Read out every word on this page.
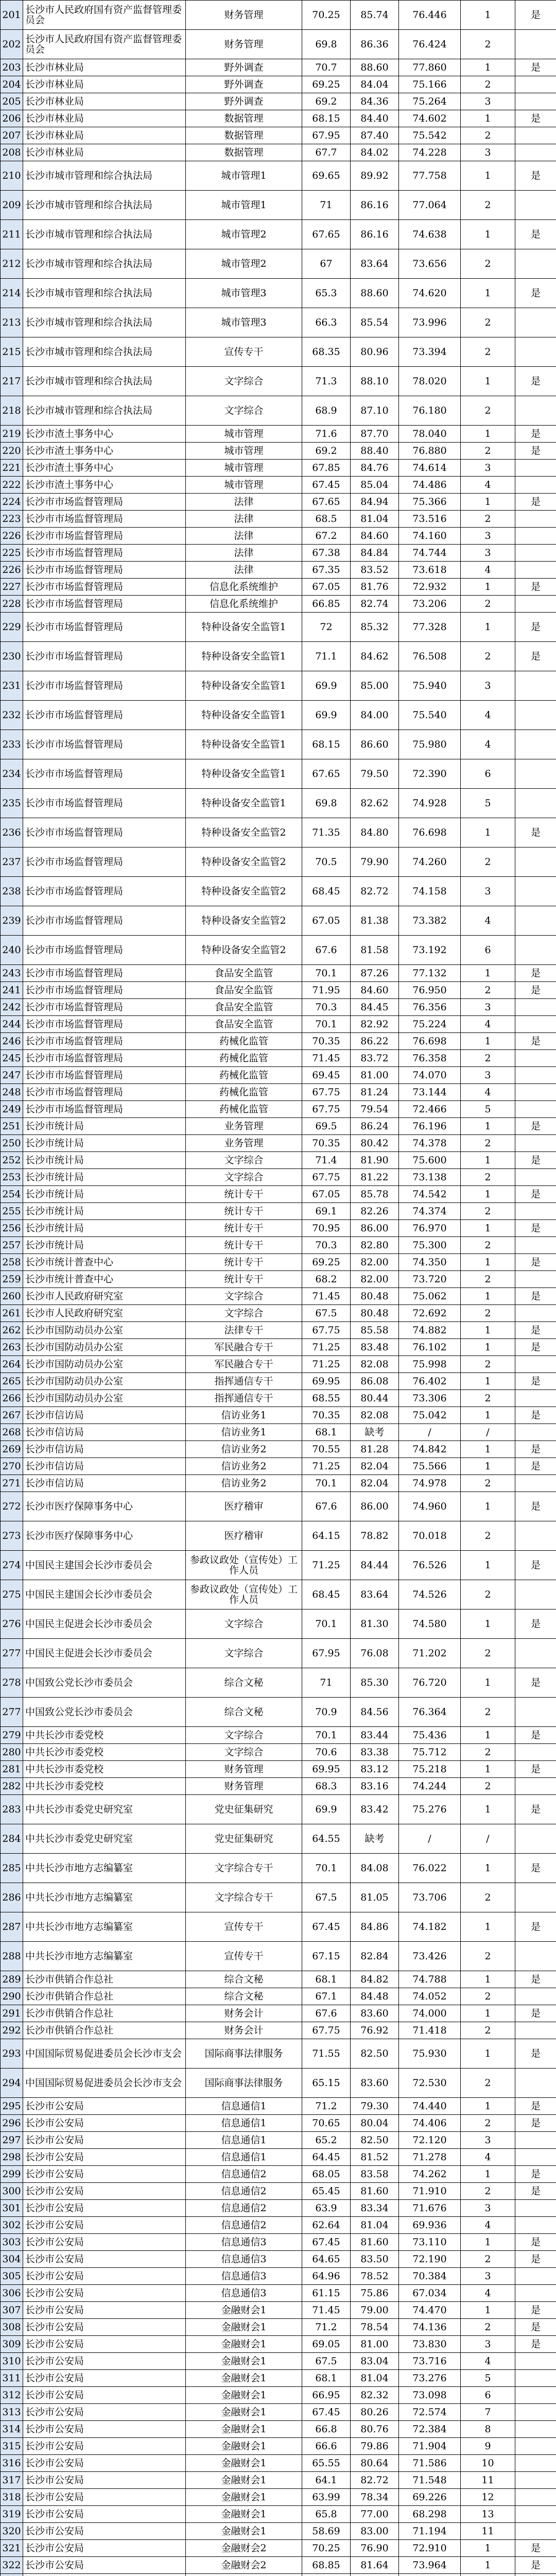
201	长沙市人民政府国有资产监督管理委员会	财务管理	70.25	85.74	76.446	1	是
202	长沙市人民政府国有资产监督管理委员会	财务管理	69.8	86.36	76.424	2	
203	长沙市林业局	野外调查	70.7	88.60	77.860	1	是
204	长沙市林业局	野外调查	69.25	84.04	75.166	2	
205	长沙市林业局	野外调查	69.2	84.36	75.264	3	
206	长沙市林业局	数据管理	68.15	84.40	74.602	1	是
207	长沙市林业局	数据管理	67.95	87.40	75.542	2	
208	长沙市林业局	数据管理	67.7	84.02	74.228	3	
210	长沙市城市管理和综合执法局	城市管理1	69.65	89.92	77.758	1	是
209	长沙市城市管理和综合执法局	城市管理1	71	86.16	77.064	2	
211	长沙市城市管理和综合执法局	城市管理2	67.65	86.16	74.638	1	是
212	长沙市城市管理和综合执法局	城市管理2	67	83.64	73.656	2	
214	长沙市城市管理和综合执法局	城市管理3	65.3	88.60	74.620	1	是
213	长沙市城市管理和综合执法局	城市管理3	66.3	85.54	73.996	2	
215	长沙市城市管理和综合执法局	宣传专干	68.35	80.96	73.394	2	
217	长沙市城市管理和综合执法局	文字综合	71.3	88.10	78.020	1	是
218	长沙市城市管理和综合执法局	文字综合	68.9	87.10	76.180	2	
219	长沙市渣土事务中心	城市管理	71.6	87.70	78.040	1	是
220	长沙市渣土事务中心	城市管理	69.2	88.40	76.880	2	是
221	长沙市渣土事务中心	城市管理	67.85	84.76	74.614	3	
222	长沙市渣土事务中心	城市管理	67.45	85.04	74.486	4	
224	长沙市市场监督管理局	法律	67.65	84.94	75.366	1	是
223	长沙市市场监督管理局	法律	68.5	81.04	73.516	2	
226	长沙市市场监督管理局	法律	67.2	84.60	74.160	3	
225	长沙市市场监督管理局	法律	67.38	84.84	74.744	3	
226	长沙市市场监督管理局	法律	67.35	83.52	73.618	4	
227	长沙市市场监督管理局	信息化系统维护	67.05	81.76	72.932	1	是
228	长沙市市场监督管理局	信息化系统维护	66.85	82.74	73.206	2	
229	长沙市市场监督管理局	特种设备安全监管1	72	85.32	77.328	1	是
230	长沙市市场监督管理局	特种设备安全监管1	71.1	84.62	76.508	2	是
231	长沙市市场监督管理局	特种设备安全监管1	69.9	85.00	75.940	3	
232	长沙市市场监督管理局	特种设备安全监管1	69.9	84.00	75.540	4	
233	长沙市市场监督管理局	特种设备安全监管1	68.15	86.60	75.980	4	
234	长沙市市场监督管理局	特种设备安全监管1	67.65	79.50	72.390	6	
235	长沙市市场监督管理局	特种设备安全监管1	69.8	82.62	74.928	5	
236	长沙市市场监督管理局	特种设备安全监管2	71.35	84.80	76.698	1	是
237	长沙市市场监督管理局	特种设备安全监管2	70.5	79.90	74.260	2	
238	长沙市市场监督管理局	特种设备安全监管2	68.45	82.72	74.158	3	
239	长沙市市场监督管理局	特种设备安全监管2	67.05	81.38	73.382	4	
240	长沙市市场监督管理局	特种设备安全监管2	67.6	81.58	73.192	6	
243	长沙市市场监督管理局	食品安全监管	70.1	87.26	77.132	1	是
241	长沙市市场监督管理局	食品安全监管	71.95	84.60	76.950	2	是
242	长沙市市场监督管理局	食品安全监管	70.3	84.45	76.356	3	
244	长沙市市场监督管理局	食品安全监管	70.1	82.92	75.224	4	
246	长沙市市场监督管理局	药械化监管	70.35	86.22	76.698	1	是
245	长沙市市场监督管理局	药械化监管	71.45	83.72	76.358	2	
247	长沙市市场监督管理局	药械化监管	69.45	81.00	74.070	3	
248	长沙市市场监督管理局	药械化监管	67.75	81.24	73.144	4	
249	长沙市市场监督管理局	药械化监管	67.75	79.54	72.466	5	
251	长沙市统计局	业务管理	69.5	86.24	76.196	1	是
250	长沙市统计局	业务管理	70.35	80.42	74.378	2	
252	长沙市统计局	文字综合	71.4	81.90	75.600	1	是
253	长沙市统计局	文字综合	67.75	81.22	73.138	2	
254	长沙市统计局	统计专干	67.05	85.78	74.542	1	是
255	长沙市统计局	统计专干	69.1	82.26	74.374	2	
256	长沙市统计局	统计专干	70.95	86.00	76.970	1	是
257	长沙市统计局	统计专干	70.3	82.80	75.300	2	
258	长沙市统计普查中心	统计专干	69.25	82.00	74.350	1	是
259	长沙市统计普查中心	统计专干	68.2	82.00	73.720	2	
260	长沙市人民政府研究室	文字综合	71.45	80.48	75.062	1	是
261	长沙市人民政府研究室	文字综合	67.5	80.48	72.692	2	
262	长沙市国防动员办公室	法律专干	67.75	85.58	74.882	1	是
263	长沙市国防动员办公室	军民融合专干	71.25	83.48	76.102	1	是
264	长沙市国防动员办公室	军民融合专干	71.25	82.08	75.998	2	
265	长沙市国防动员办公室	指挥通信专干	69.95	86.08	76.402	1	是
266	长沙市国防动员办公室	指挥通信专干	68.55	80.44	73.306	2	
267	长沙市信访局	信访业务1	70.35	82.08	75.042	1	是
268	长沙市信访局	信访业务1	68.1	缺考	/	/	
269	长沙市信访局	信访业务2	70.55	81.28	74.842	1	是
270	长沙市信访局	信访业务2	71.25	82.04	75.566	1	是
271	长沙市信访局	信访业务2	70.1	82.04	74.978	2	
272	长沙市医疗保障事务中心	医疗稽审	67.6	86.00	74.960	1	是
273	长沙市医疗保障事务中心	医疗稽审	64.15	78.82	70.018	2	
274	中国民主建国会长沙市委员会	参政议政处（宣传处）工作人员	71.25	84.44	76.526	1	是
275	中国民主建国会长沙市委员会	参政议政处（宣传处）工作人员	68.45	83.64	74.526	2	
276	中国民主促进会长沙市委员会	文字综合	70.1	81.30	74.580	1	是
277	中国民主促进会长沙市委员会	文字综合	67.95	76.08	71.202	2	
278	中国致公党长沙市委员会	综合文秘	71	85.30	76.720	1	是
277	中国致公党长沙市委员会	综合文秘	70.9	84.56	76.364	2	
279	中共长沙市委党校	文字综合	70.1	83.44	75.436	1	是
280	中共长沙市委党校	文字综合	70.6	83.38	75.712	2	
281	中共长沙市委党校	财务管理	69.95	83.12	75.218	1	是
282	中共长沙市委党校	财务管理	68.3	83.16	74.244	2	
283	中共长沙市委党史研究室	党史征集研究	69.9	83.42	75.276	1	是
284	中共长沙市委党史研究室	党史征集研究	64.55	缺考	/	/	
285	中共长沙市地方志编纂室	文字综合专干	70.1	84.08	76.022	1	是
286	中共长沙市地方志编纂室	文字综合专干	67.5	81.05	73.706	2	
287	中共长沙市地方志编纂室	宣传专干	67.45	84.86	74.182	1	是
288	中共长沙市地方志编纂室	宣传专干	67.15	82.84	73.426	2	
289	长沙市供销合作总社	综合文秘	68.1	84.82	74.788	1	是
290	长沙市供销合作总社	综合文秘	67.1	84.48	74.052	2	
291	长沙市供销合作总社	财务会计	67.6	83.60	74.000	1	是
292	长沙市供销合作总社	财务会计	67.75	76.92	71.418	2	
293	中国国际贸易促进委员会长沙市支会	国际商事法律服务	71.55	82.50	75.930	1	是
294	中国国际贸易促进委员会长沙市支会	国际商事法律服务	65.15	83.60	72.530	2	
295	长沙市公安局	信息通信1	71.2	79.30	74.440	1	是
296	长沙市公安局	信息通信1	70.65	80.04	74.406	2	是
297	长沙市公安局	信息通信1	65.2	82.50	72.120	3	
298	长沙市公安局	信息通信1	64.45	81.52	71.278	4	
299	长沙市公安局	信息通信2	68.05	83.58	74.262	1	是
300	长沙市公安局	信息通信2	65.45	81.60	71.910	2	是
301	长沙市公安局	信息通信2	63.9	83.34	71.676	3	
302	长沙市公安局	信息通信2	62.64	81.04	69.936	4	
303	长沙市公安局	信息通信3	67.45	81.60	73.110	1	是
304	长沙市公安局	信息通信3	64.65	83.50	72.190	2	是
305	长沙市公安局	信息通信3	64.96	78.52	70.384	3	
306	长沙市公安局	信息通信3	61.15	75.86	67.034	4	
307	长沙市公安局	金融财会1	71.45	79.00	74.470	1	是
308	长沙市公安局	金融财会1	71.2	78.54	74.136	2	是
309	长沙市公安局	金融财会1	69.05	81.00	73.830	3	是
310	长沙市公安局	金融财会1	67.5	83.04	73.716	4	
311	长沙市公安局	金融财会1	68.1	81.04	73.276	5	
312	长沙市公安局	金融财会1	66.95	82.32	73.098	6	
313	长沙市公安局	金融财会1	67.45	80.26	72.574	7	
314	长沙市公安局	金融财会1	66.8	80.76	72.384	8	
315	长沙市公安局	金融财会1	66.6	79.86	71.904	9	
316	长沙市公安局	金融财会1	65.55	80.64	71.586	10	
317	长沙市公安局	金融财会1	64.1	82.72	71.548	11	
318	长沙市公安局	金融财会1	63.99	78.34	69.226	12	
319	长沙市公安局	金融财会1	65.8	77.00	68.298	13	
320	长沙市公安局	金融财会1	58.69	83.00	71.194	11	
321	长沙市公安局	金融财会2	70.25	76.90	72.910	1	是
322	长沙市公安局	金融财会2	68.85	81.64	73.964	1	是
